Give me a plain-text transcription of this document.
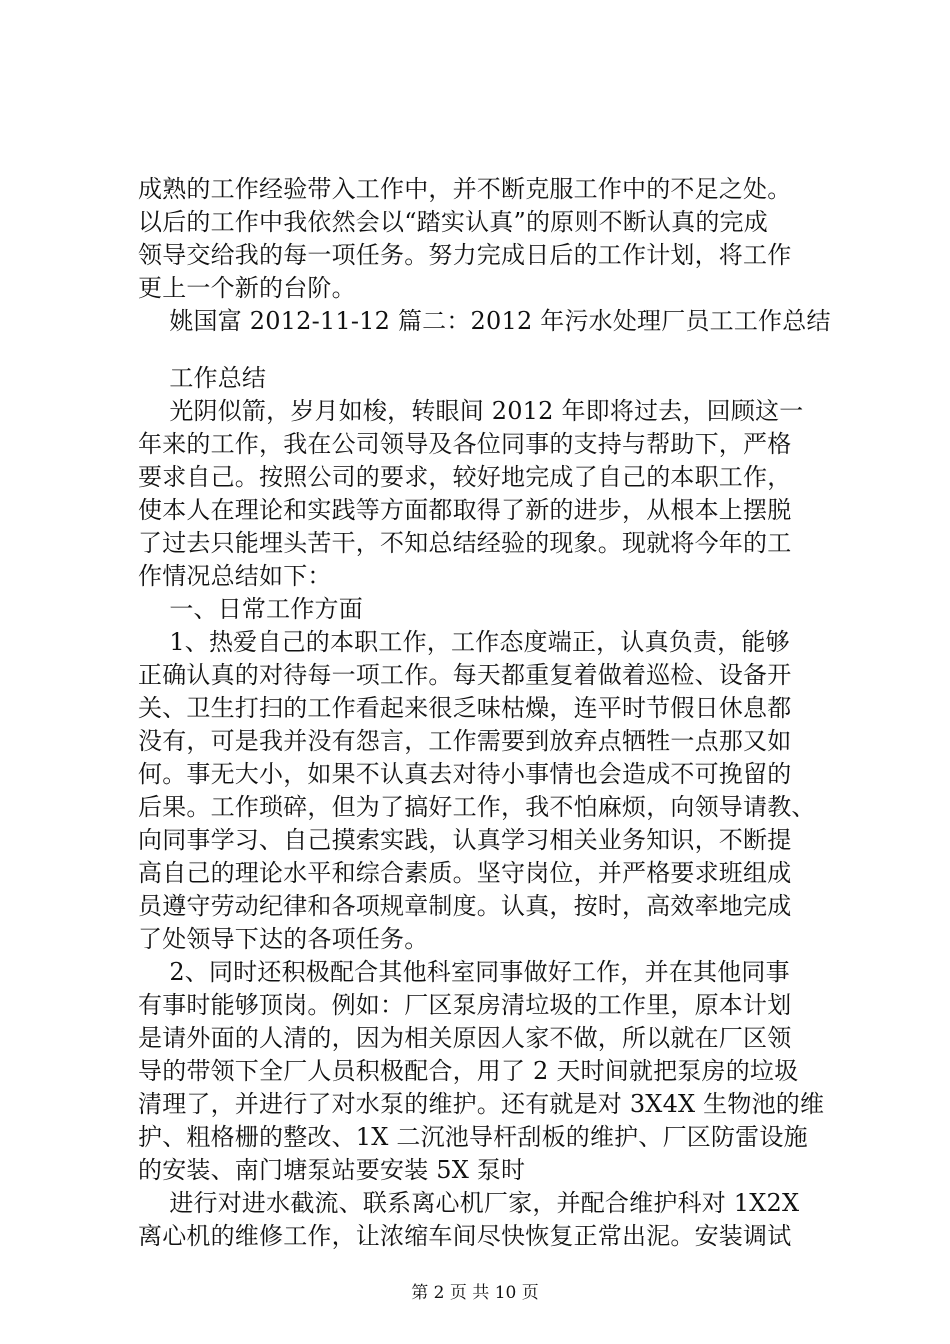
成熟的工作经验带入工作中，并不断克服工作中的不足之处。
以后的工作中我依然会以“踏实认真”的原则不断认真的完成
领导交给我的每一项任务。努力完成日后的工作计划，将工作
更上一个新的台阶。
姚国富 2012-11-12 篇二：2012 年污水处理厂员工工作总结
工作总结
光阴似箭，岁月如梭，转眼间 2012 年即将过去，回顾这一
年来的工作，我在公司领导及各位同事的支持与帮助下，严格
要求自己。按照公司的要求，较好地完成了自己的本职工作，
使本人在理论和实践等方面都取得了新的进步，从根本上摆脱
了过去只能埋头苦干，不知总结经验的现象。现就将今年的工
作情况总结如下：
一、日常工作方面
1、热爱自己的本职工作，工作态度端正，认真负责，能够
正确认真的对待每一项工作。每天都重复着做着巡检、设备开
关、卫生打扫的工作看起来很乏味枯燥，连平时节假日休息都
没有，可是我并没有怨言，工作需要到放弃点牺牲一点那又如
何。事无大小，如果不认真去对待小事情也会造成不可挽留的
后果。工作琐碎，但为了搞好工作，我不怕麻烦，向领导请教、
向同事学习、自己摸索实践，认真学习相关业务知识，不断提
高自己的理论水平和综合素质。坚守岗位，并严格要求班组成
员遵守劳动纪律和各项规章制度。认真，按时，高效率地完成
了处领导下达的各项任务。
2、同时还积极配合其他科室同事做好工作，并在其他同事
有事时能够顶岗。例如：厂区泵房清垃圾的工作里，原本计划
是请外面的人清的，因为相关原因人家不做，所以就在厂区领
导的带领下全厂人员积极配合，用了 2 天时间就把泵房的垃圾
清理了，并进行了对水泵的维护。还有就是对 3X4X 生物池的维
护、粗格栅的整改、1X 二沉池导杆刮板的维护、厂区防雷设施
的安装、南门塘泵站要安装 5X 泵时
进行对进水截流、联系离心机厂家，并配合维护科对 1X2X
离心机的维修工作，让浓缩车间尽快恢复正常出泥。安装调试
第 2 页 共 10 页
